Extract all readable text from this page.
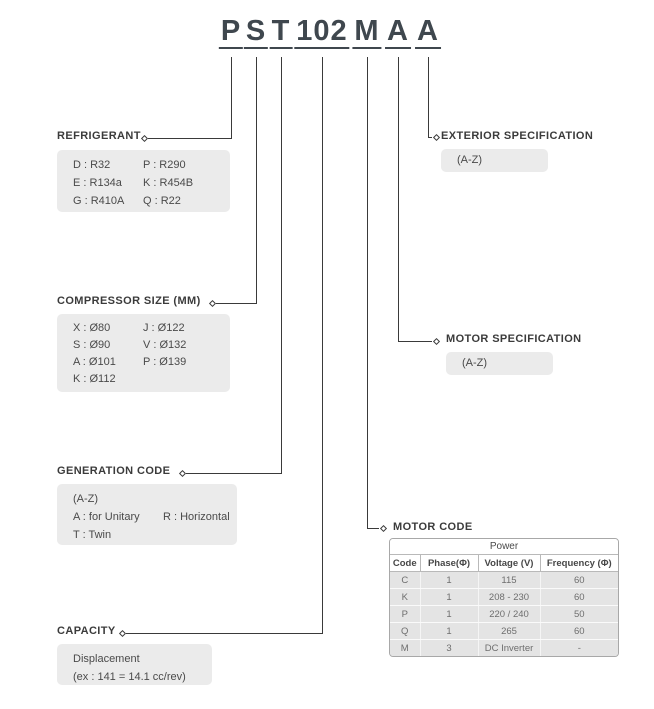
P S T 102 M A A
REFRIGERANT
D : R32
E : R134a
G : R410A
P : R290
K : R454B
Q : R22
COMPRESSOR SIZE (MM)
X : Ø80
S : Ø90
A : Ø101
K : Ø112
J : Ø122
V : Ø132
P : Ø139
GENERATION CODE
(A-Z)
A : for Unitary
T : Twin
R : Horizontal
CAPACITY
Displacement
(ex : 141 = 14.1 cc/rev)
EXTERIOR SPECIFICATION
(A-Z)
MOTOR SPECIFICATION
(A-Z)
MOTOR CODE
Power			
Code	Phase(Φ)	Voltage (V)	Frequency (Φ)
C	1	115	60
K	1	208 - 230	60
P	1	220 / 240	50
Q	1	265	60
M	3	DC Inverter	-
